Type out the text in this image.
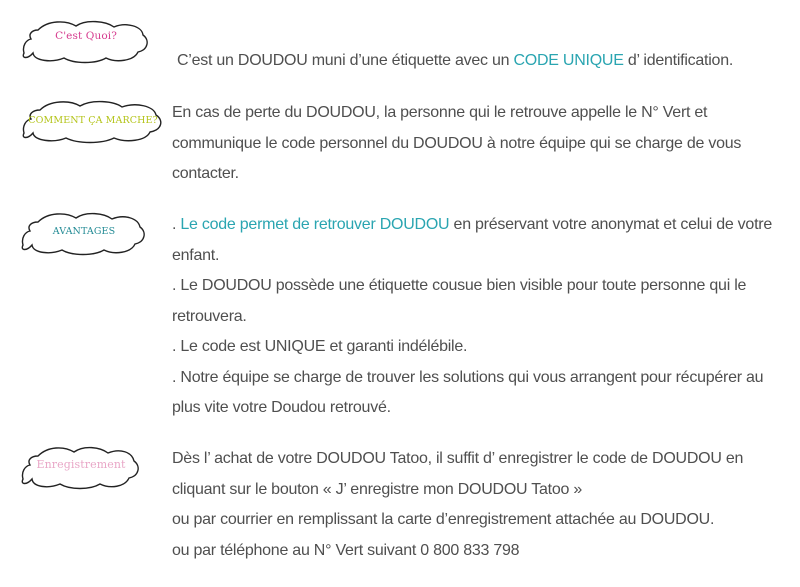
C'est Quoi?

C’est un DOUDOU muni d’une étiquette avec un CODE UNIQUE d’ identification.

COMMENT ÇA MARCHE? En cas de perte du DOUDOU, la personne qui le retrouve appelle le N° Vert et communique le code personnel du DOUDOU à notre équipe qui se charge de vous contacter.

AVANTAGES	. Le code permet de retrouver DOUDOU en préservant votre anonymat et celui de votre enfant.

. Le DOUDOU possède une étiquette cousue bien visible pour toute personne qui le retrouvera.

. Le code est UNIQUE et garanti indélébile.

. Notre équipe se charge de trouver les solutions qui vous arrangent pour récupérer au plus vite votre Doudou retrouvé.

Enregistrement	Dès l’ achat de votre DOUDOU Tatoo, il suffit d’ enregistrer le code de DOUDOU en cliquant sur le bouton « J’ enregistre mon DOUDOU Tatoo »

ou par courrier en remplissant la carte d’enregistrement attachée au DOUDOU.

ou par téléphone au N° Vert suivant 0 800 833 798
